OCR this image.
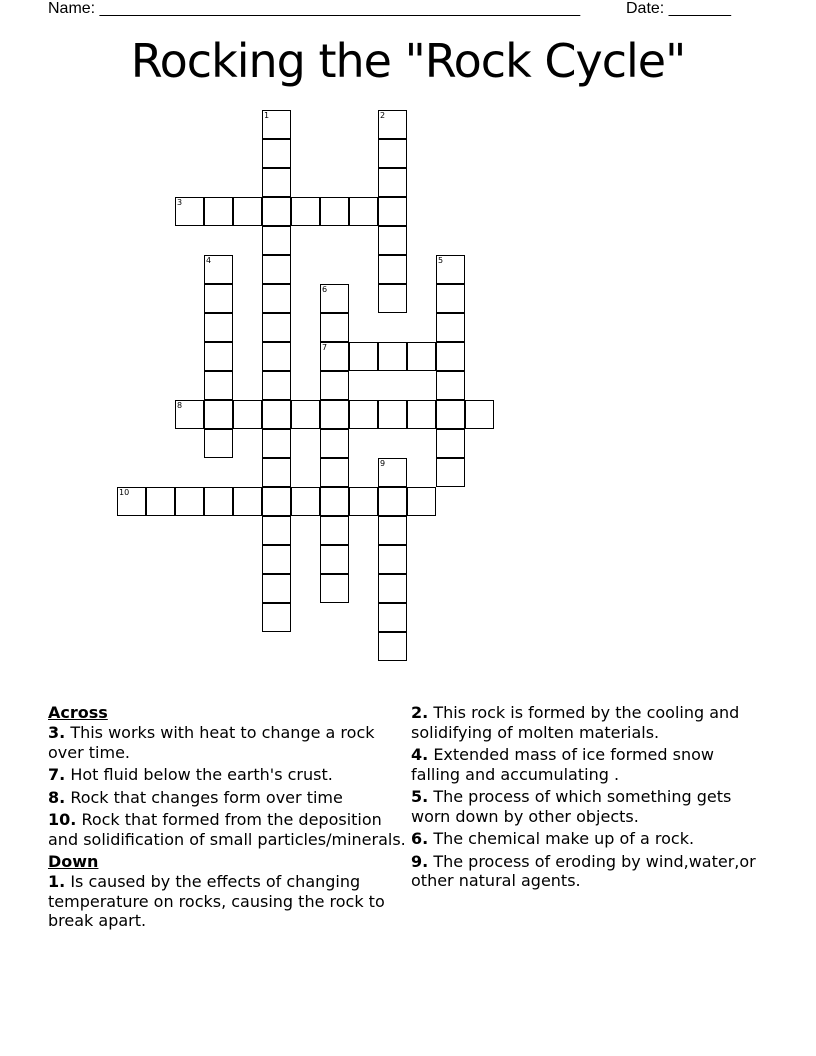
Name: ______________________________________________________	Date: _______
Rocking the "Rock Cycle"
1	2
3
4	5
6
7
8
9
10
Across
3. This works with heat to change a rock over time.
7. Hot fluid below the earth's crust.
8. Rock that changes form over time
10. Rock that formed from the deposition and solidification of small particles/minerals.
Down
1. Is caused by the effects of changing temperature on rocks, causing the rock to break apart.
2. This rock is formed by the cooling and solidifying of molten materials.
4. Extended mass of ice formed snow falling and accumulating .
5. The process of which something gets worn down by other objects.
6. The chemical make up of a rock.
9. The process of eroding by wind,water,or other natural agents.
